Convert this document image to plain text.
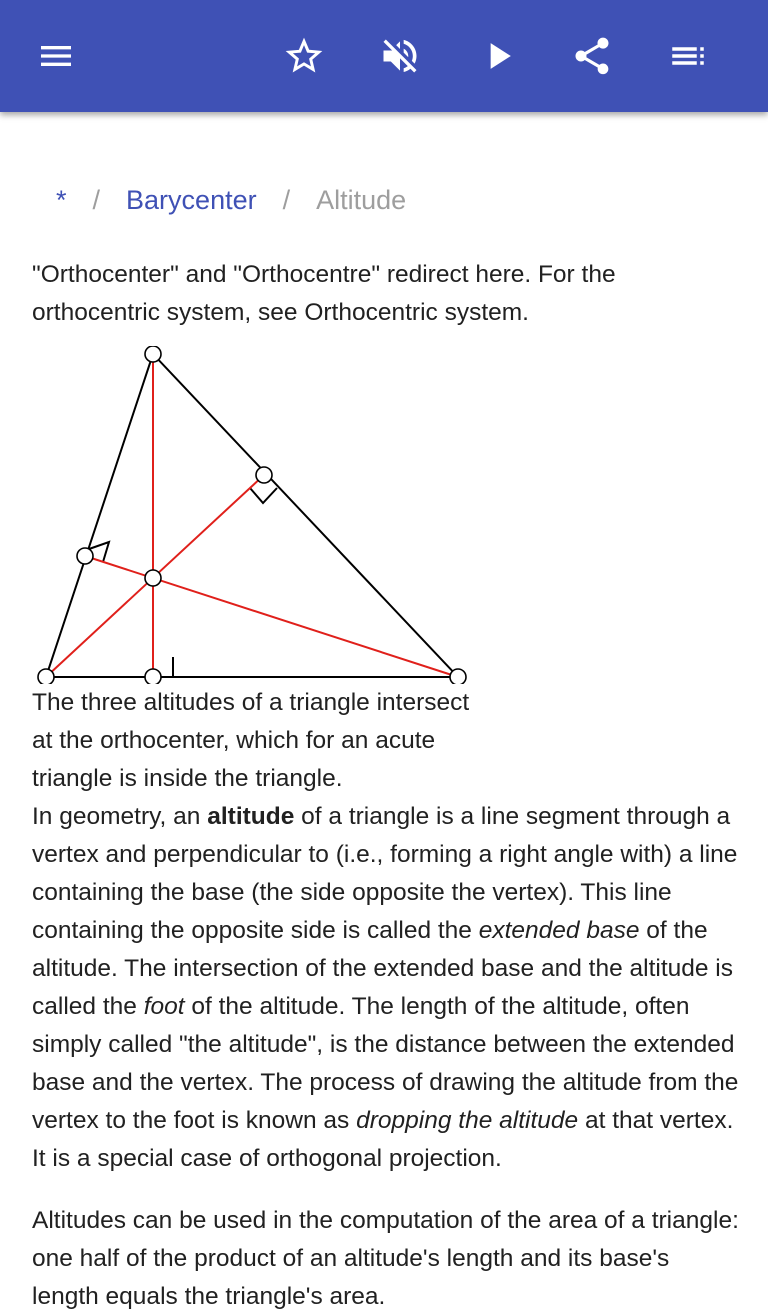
* / Barycenter / Altitude

"Orthocenter" and "Orthocentre" redirect here. For the orthocentric system, see Orthocentric system.

The three altitudes of a triangle intersect at the orthocenter, which for an acute triangle is inside the triangle.

In geometry, an altitude of a triangle is a line segment through a vertex and perpendicular to (i.e., forming a right angle with) a line containing the base (the side opposite the vertex). This line containing the opposite side is called the extended base of the altitude. The intersection of the extended base and the altitude is called the foot of the altitude. The length of the altitude, often simply called "the altitude", is the distance between the extended base and the vertex. The process of drawing the altitude from the vertex to the foot is known as dropping the altitude at that vertex. It is a special case of orthogonal projection.

Altitudes can be used in the computation of the area of a triangle: one half of the product of an altitude's length and its base's length equals the triangle's area.
